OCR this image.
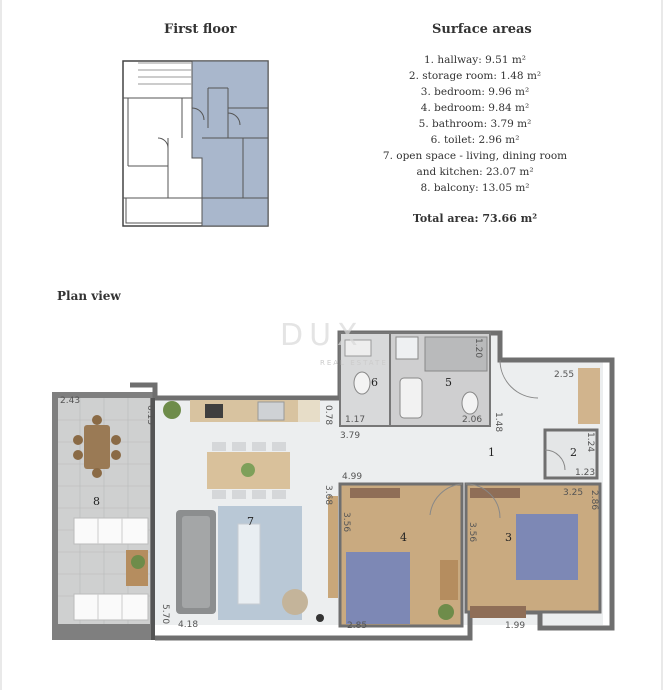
First floor	Surface areas
Plan view
1. hallway: 9.51 m²
2. storage room: 1.48 m²
3. bedroom: 9.96 m²
4. bedroom: 9.84 m²
5. bathroom: 3.79 m²
6. toilet: 2.96 m²
7. open space - living, dining room
and kitchen: 23.07 m²
8. balcony: 13.05 m²
Total area: 73.66 m²
1	2
3
4
5
6
7
8
2.43
6.15	0.78
3.79
1.17
2.55
1.20
2.06 1.48
1.24
1.23
4.99
3.68
3.56	3.56
3.25 2.86
5.70
4.18	2.85	1.99
DUX
REAL ESTATE
